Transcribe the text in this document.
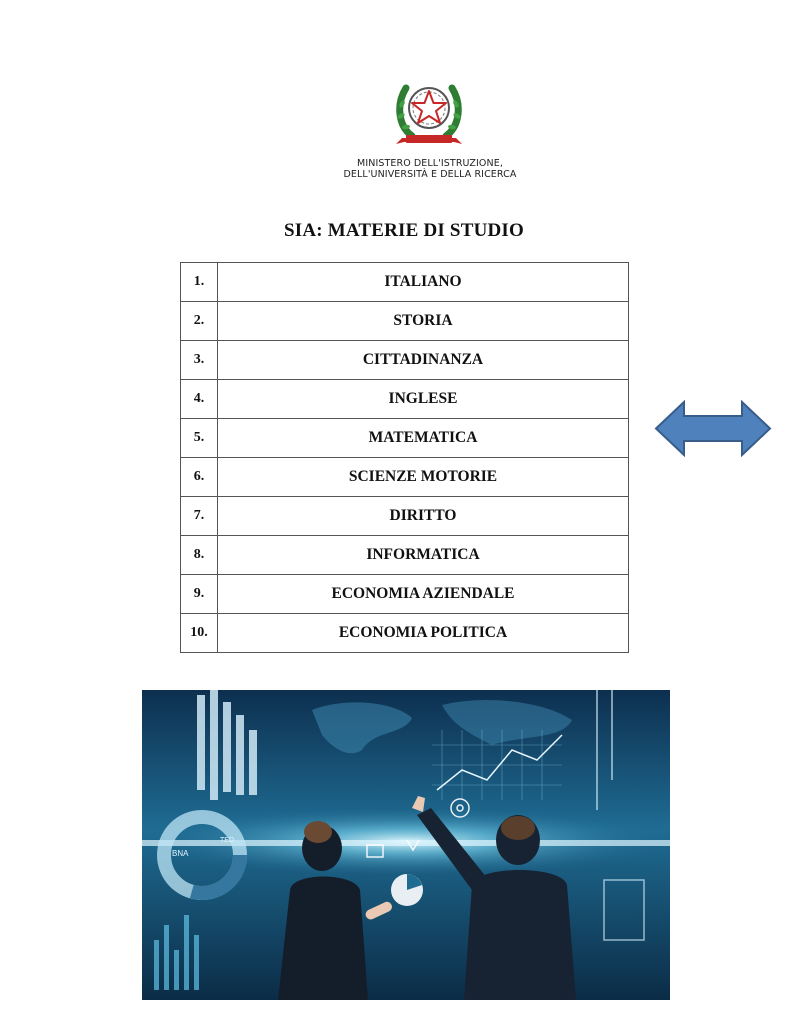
MINISTERO DELL'ISTRUZIONE,
DELL'UNIVERSITÀ E DELLA RICERCA
SIA: MATERIE DI STUDIO
1.	ITALIANO
2.	STORIA
3.	CITTADINANZA
4.	INGLESE
5.	MATEMATICA
6.	SCIENZE MOTORIE
7.	DIRITTO
8.	INFORMATICA
9.	ECONOMIA AZIENDALE
10.	ECONOMIA POLITICA
BNA
TED
